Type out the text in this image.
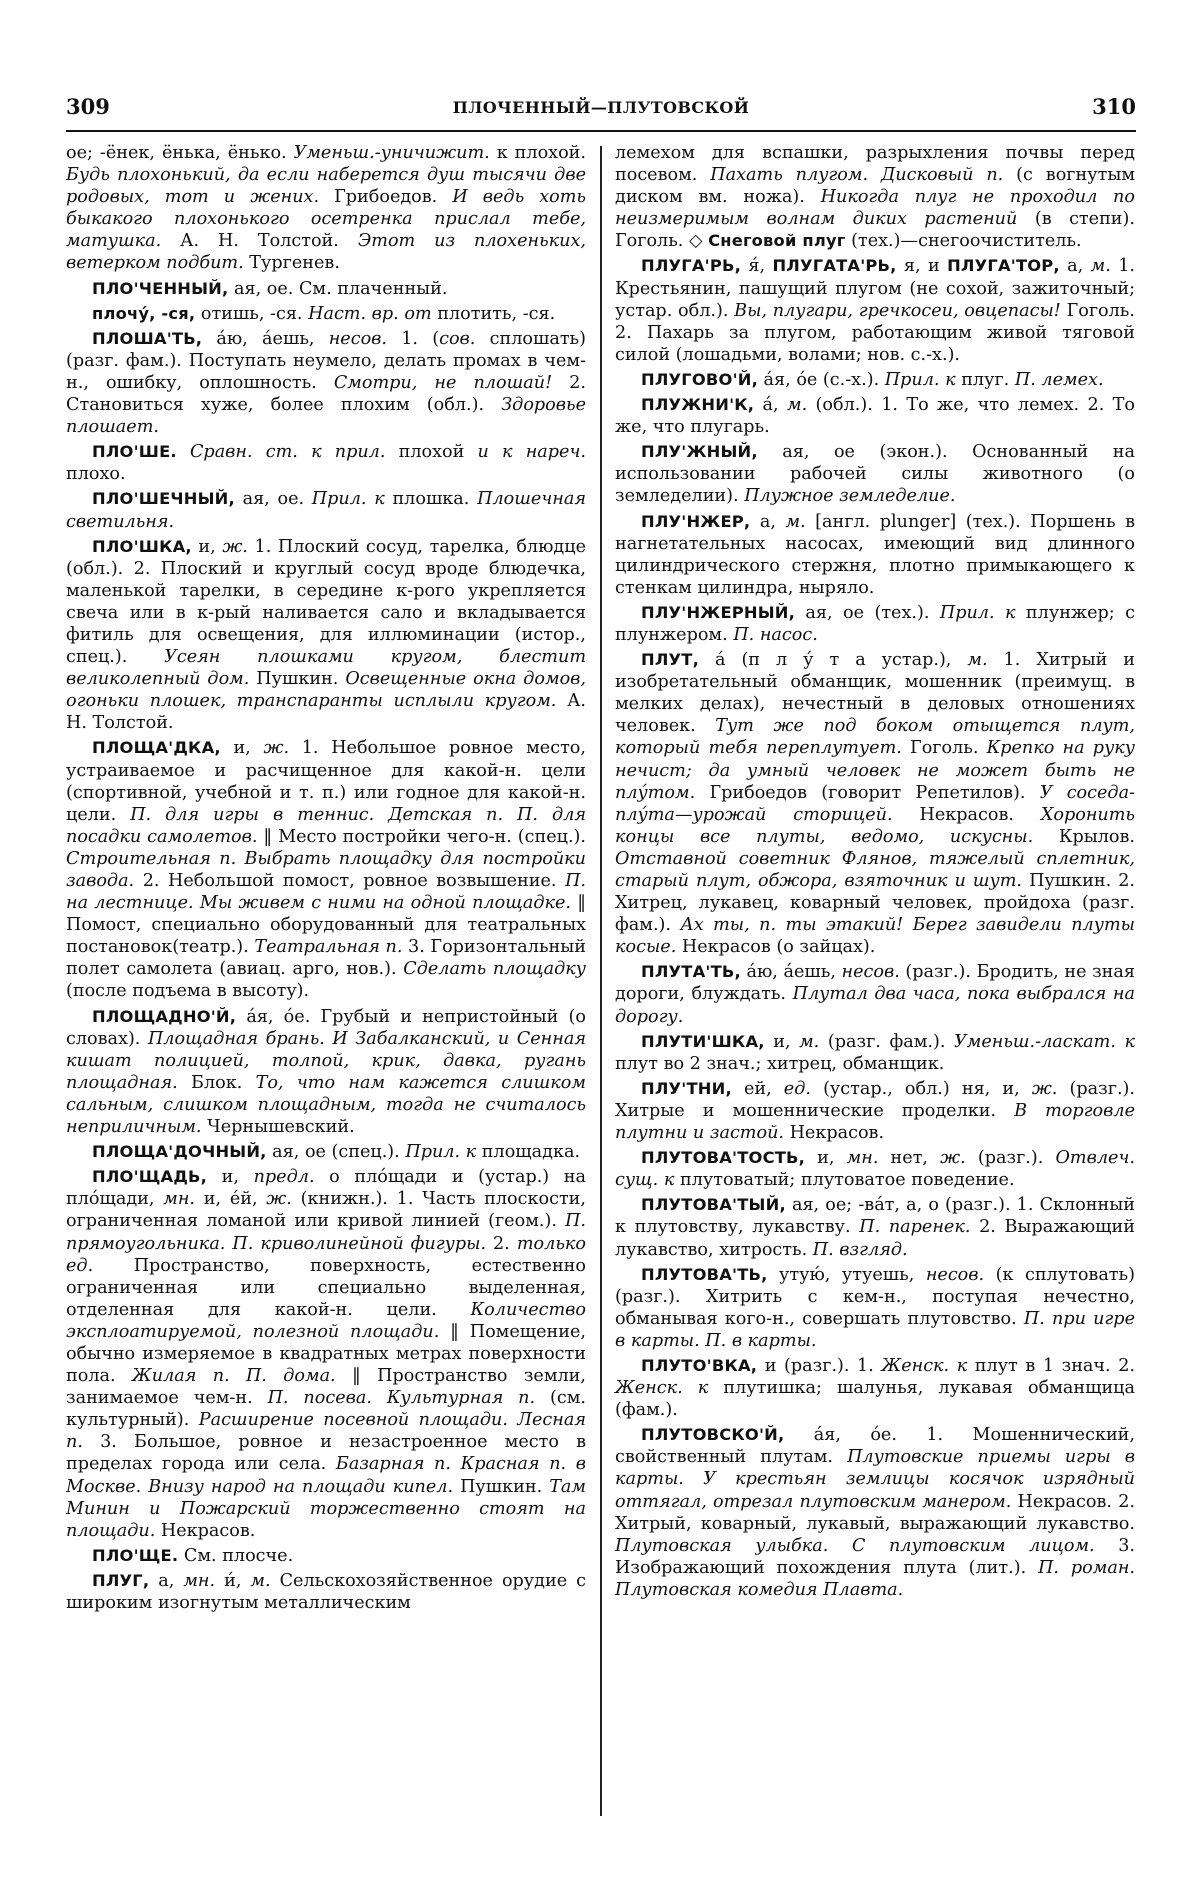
309	ПЛОЧЕННЫЙ—ПЛУТОВСКОЙ	310

ое; -ёнек, ёнька, ёнько. Уменьш.-уничижит. к плохой. Будь плохонький, да если наберется душ тысячи две родовых, тот и жених. Грибоедов. И ведь хоть быкакого плохонького осетренка прислал тебе, матушка. А. Н. Толстой. Этот из плохеньких, ветерком подбит. Тургенев.

ПЛО'ЧЕННЫЙ, ая, ое. См. плаченный.

плочу́, -ся, отишь, -ся. Наст. вр. от плотить, -ся.

ПЛОША'ТЬ, а́ю, а́ешь, несов. 1. (сов. сплошать) (разг. фам.). Поступать неумело, делать промах в чем-н., ошибку, оплошность. Смотри, не плошай! 2. Становиться хуже, более плохим (обл.). Здоровье плошает.

ПЛО'ШЕ. Сравн. ст. к прил. плохой и к нарeч. плохо.

ПЛО'ШЕЧНЫЙ, ая, ое. Прил. к плошка. Плошечная светильня.

ПЛО'ШКА, и, ж. 1. Плоский сосуд, тарелка, блюдце (обл.). 2. Плоский и круглый сосуд вроде блюдечка, маленькой тарелки, в середине к-рого укрепляется свеча или в к-рый наливается сало и вкладывается фитиль для освещения, для иллюминации (истор., спец.). Усеян плошками кругом, блестит великолепный дом. Пушкин. Освещенные окна домов, огоньки плошек, транспаранты исплыли кругом. А. Н. Толстой.

ПЛОЩА'ДКА, и, ж. 1. Небольшое ровное место, устраиваемое и расчищенное для какой-н. цели (спортивной, учебной и т. п.) или годное для какой-н. цели. П. для игры в теннис. Детская п. П. для посадки самолетов. ‖ Место постройки чего-н. (спец.). Строительная п. Выбрать площадку для постройки завода. 2. Небольшой помост, ровное возвышение. П. на лестнице. Мы живем с ними на одной площадке. ‖ Помост, специально оборудованный для театральных постановок(театр.). Театральная п. 3. Горизонтальный полет самолета (авиац. арго, нов.). Сделать площадку (после подъема в высоту).

ПЛОЩАДНО'Й, а́я, о́е. Грубый и непристойный (о словах). Площадная брань. И Забалканский, и Сенная кишат полицией, толпой, крик, давка, ругань площадная. Блок. То, что нам кажется слишком сальным, слишком площадным, тогда не считалось неприличным. Чернышевский.

ПЛОЩА'ДОЧНЫЙ, ая, ое (спец.). Прил. к площадка.

ПЛО'ЩАДЬ, и, предл. о пло́щади и (устар.) на пло́щади, мн. и, е́й, ж. (книжн.). 1. Часть плоскости, ограниченная ломаной или кривой линией (геом.). П. прямоугольника. П. криволинейной фигуры. 2. только ед. Пространство, поверхность, естественно ограниченная или специально выделенная, отделенная для какой-н. цели. Количество эксплоатируемой, полезной площади. ‖ Помещение, обычно измеряемое в квадратных метрах поверхности пола. Жилая п. П. дома. ‖ Пространство земли, занимаемое чем-н. П. посева. Культурная п. (см. культурный). Расширение посевной площади. Лесная п. 3. Большое, ровное и незастроенное место в пределах города или села. Базарная п. Красная п. в Москве. Внизу народ на площади кипел. Пушкин. Там Минин и Пожарский торжественно стоят на площади. Некрасов.

ПЛО'ЩЕ. См. плосче.

ПЛУГ, а, мн. и́, м. Сельскохозяйственное орудие с широким изогнутым металлическим

лемехом для вспашки, разрыхления почвы перед посевом. Пахать плугом. Дисковый п. (с вогнутым диском вм. ножа). Никогда плуг не проходил по неизмеримым волнам диких растений (в степи). Гоголь. ◇ Снеговой плуг (тех.)—снегоочиститель.

ПЛУГА'РЬ, я́, ПЛУГАТА'РЬ, я, и ПЛУГА'ТОР, а, м. 1. Крестьянин, пашущий плугом (не сохой, зажиточный; устар. обл.). Вы, плугари, гречкосеи, овцепасы! Гоголь. 2. Пахарь за плугом, работающим живой тяговой силой (лошадьми, волами; нов. с.-х.).

ПЛУГОВО'Й, а́я, о́е (с.-х.). Прил. к плуг. П. лемех.

ПЛУЖНИ'К, а́, м. (обл.). 1. То же, что лемех. 2. То же, что плугарь.

ПЛУ'ЖНЫЙ, ая, ое (экон.). Основанный на использовании рабочей силы животного (о земледелии). Плужное земледелие.

ПЛУ'НЖЕР, а, м. [англ. plunger] (тех.). Поршень в нагнетательных насосах, имеющий вид длинного цилиндрического стержня, плотно примыкающего к стенкам цилиндра, ныряло.

ПЛУ'НЖЕРНЫЙ, ая, ое (тех.). Прил. к плунжер; с плунжером. П. насос.

ПЛУТ, а́ (п л у́ т а устар.), м. 1. Хитрый и изобретательный обманщик, мошенник (преимущ. в мелких делах), нечестный в деловых отношениях человек. Тут же под боком отыщется плут, который тебя переплутует. Гоголь. Крепко на руку нечист; да умный человек не может быть не плу́том. Грибоедов (говорит Репетилов). У соседа-плу́та—урожай сторицей. Некрасов. Хоронить концы все плуты, ведомо, искусны. Крылов. Отставной советник Флянов, тяжелый сплетник, старый плут, обжора, взяточник и шут. Пушкин. 2. Хитрец, лукавец, коварный человек, пройдоха (разг. фам.). Ах ты, п. ты этакий! Берег завидели плуты косые. Некрасов (о зайцах).

ПЛУТА'ТЬ, а́ю, а́ешь, несов. (разг.). Бродить, не зная дороги, блуждать. Плутал два часа, пока выбрался на дорогу.

ПЛУТИ'ШКА, и, м. (разг. фам.). Уменьш.-ласкат. к плут во 2 знач.; хитрец, обманщик.

ПЛУ'ТНИ, ей, ед. (устар., обл.) ня, и, ж. (разг.). Хитрые и мошеннические проделки. В торговле плутни и застой. Некрасов.

ПЛУТОВА'ТОСТЬ, и, мн. нет, ж. (разг.). Отвлеч. сущ. к плутоватый; плутоватое поведение.

ПЛУТОВА'ТЫЙ, ая, ое; -ва́т, а, о (разг.). 1. Склонный к плутовству, лукавству. П. паренек. 2. Выражающий лукавство, хитрость. П. взгляд.

ПЛУТОВА'ТЬ, утую́, утуешь, несов. (к сплутовать) (разг.). Хитрить с кем-н., поступая нечестно, обманывая кого-н., совершать плутовство. П. при игре в карты. П. в карты.

ПЛУТО'ВКА, и (разг.). 1. Женск. к плут в 1 знач. 2. Женск. к плутишка; шалунья, лукавая обманщица (фам.).

ПЛУТОВСКО'Й, а́я, о́е. 1. Мошеннический, свойственный плутам. Плутовские приемы игры в карты. У крестьян землицы косячок изрядный оттягал, отрезал плутовским манером. Некрасов. 2. Хитрый, коварный, лукавый, выражающий лукавство. Плутовская улыбка. С плутовским лицом. 3. Изображающий похождения плута (лит.). П. роман. Плутовская комедия Плавта.
